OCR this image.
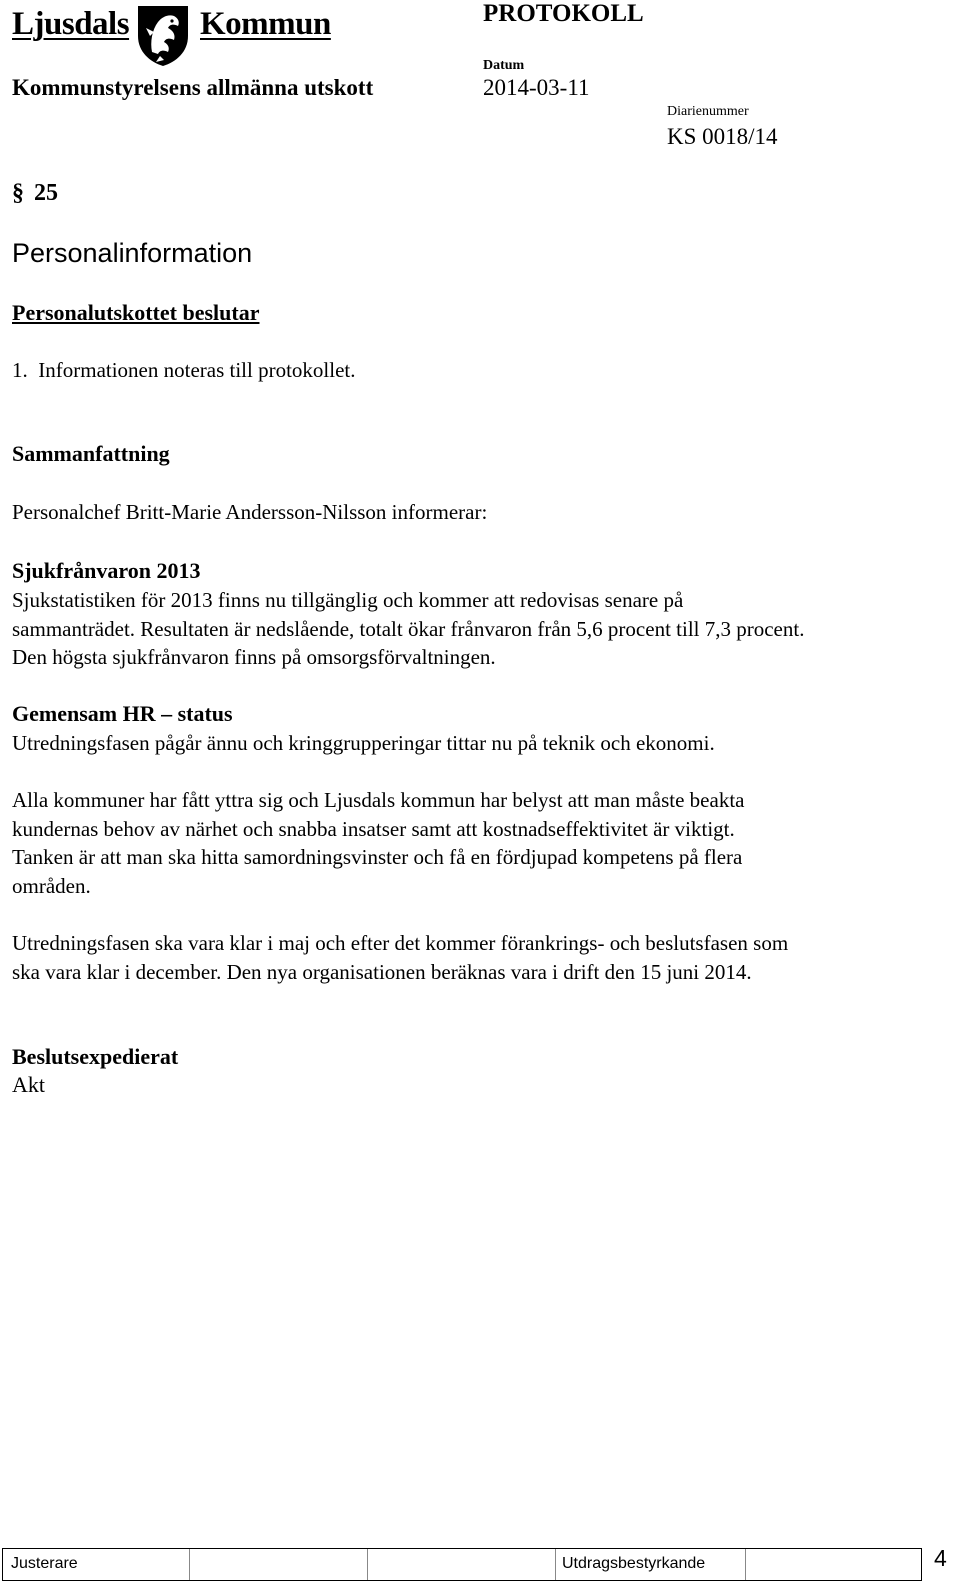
Ljusdals Kommun	PROTOKOLL
Datum
Kommunstyrelsens allmänna utskott	2014-03-11
Diarienummer
KS 0018/14
§ 25
Personalinformation
Personalutskottet beslutar
1.  Informationen noteras till protokollet.
Sammanfattning
Personalchef Britt-Marie Andersson-Nilsson informerar:
Sjukfrånvaron 2013
Sjukstatistiken för 2013 finns nu tillgänglig och kommer att redovisas senare på
sammanträdet. Resultaten är nedslående, totalt ökar frånvaron från 5,6 procent till 7,3 procent.
Den högsta sjukfrånvaron finns på omsorgsförvaltningen.
Gemensam HR – status
Utredningsfasen pågår ännu och kringgrupperingar tittar nu på teknik och ekonomi.
Alla kommuner har fått yttra sig och Ljusdals kommun har belyst att man måste beakta
kundernas behov av närhet och snabba insatser samt att kostnadseffektivitet är viktigt.
Tanken är att man ska hitta samordningsvinster och få en fördjupad kompetens på flera
områden.
Utredningsfasen ska vara klar i maj och efter det kommer förankrings- och beslutsfasen som
ska vara klar i december. Den nya organisationen beräknas vara i drift den 15 juni 2014.
Beslutsexpedierat
Akt
Justerare	Utdragsbestyrkande	4
